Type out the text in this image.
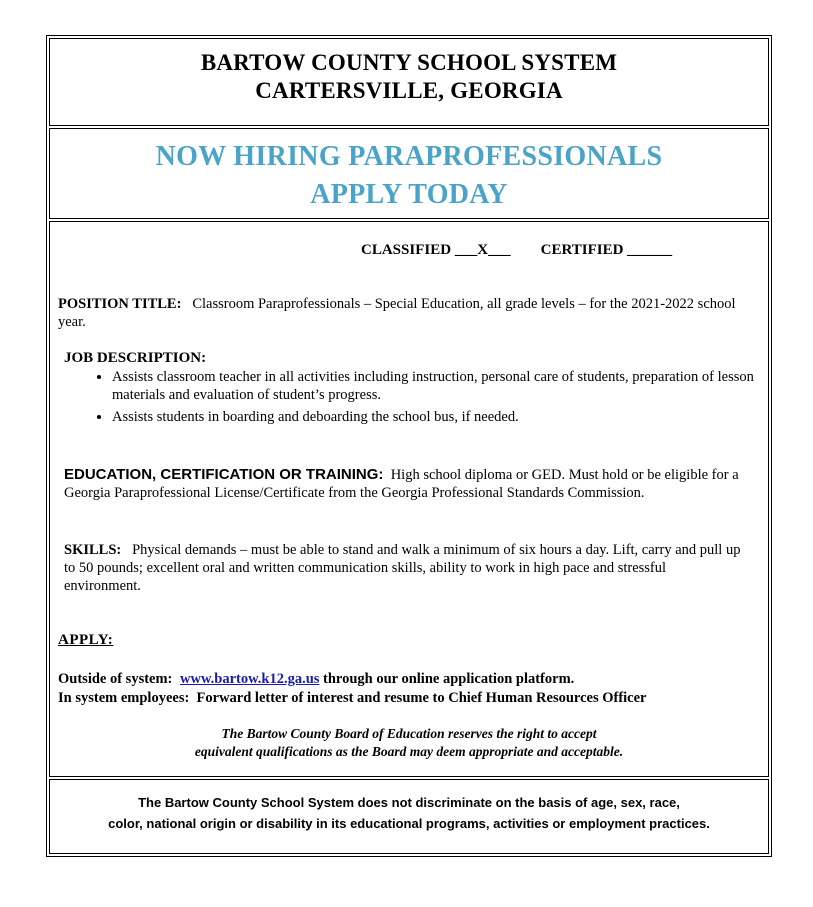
BARTOW COUNTY SCHOOL SYSTEM
CARTERSVILLE, GEORGIA
NOW HIRING PARAPROFESSIONALS
APPLY TODAY
CLASSIFIED ___X___        CERTIFIED ______
POSITION TITLE: Classroom Paraprofessionals – Special Education, all grade levels – for the 2021-2022 school year.
JOB DESCRIPTION:
• Assists classroom teacher in all activities including instruction, personal care of students, preparation of lesson materials and evaluation of student’s progress.
• Assists students in boarding and deboarding the school bus, if needed.
EDUCATION, CERTIFICATION OR TRAINING: High school diploma or GED. Must hold or be eligible for a Georgia Paraprofessional License/Certificate from the Georgia Professional Standards Commission.
SKILLS: Physical demands – must be able to stand and walk a minimum of six hours a day. Lift, carry and pull up to 50 pounds; excellent oral and written communication skills, ability to work in high pace and stressful environment.
APPLY:
Outside of system: www.bartow.k12.ga.us through our online application platform.
In system employees: Forward letter of interest and resume to Chief Human Resources Officer
The Bartow County Board of Education reserves the right to accept
equivalent qualifications as the Board may deem appropriate and acceptable.
The Bartow County School System does not discriminate on the basis of age, sex, race,
color, national origin or disability in its educational programs, activities or employment practices.
